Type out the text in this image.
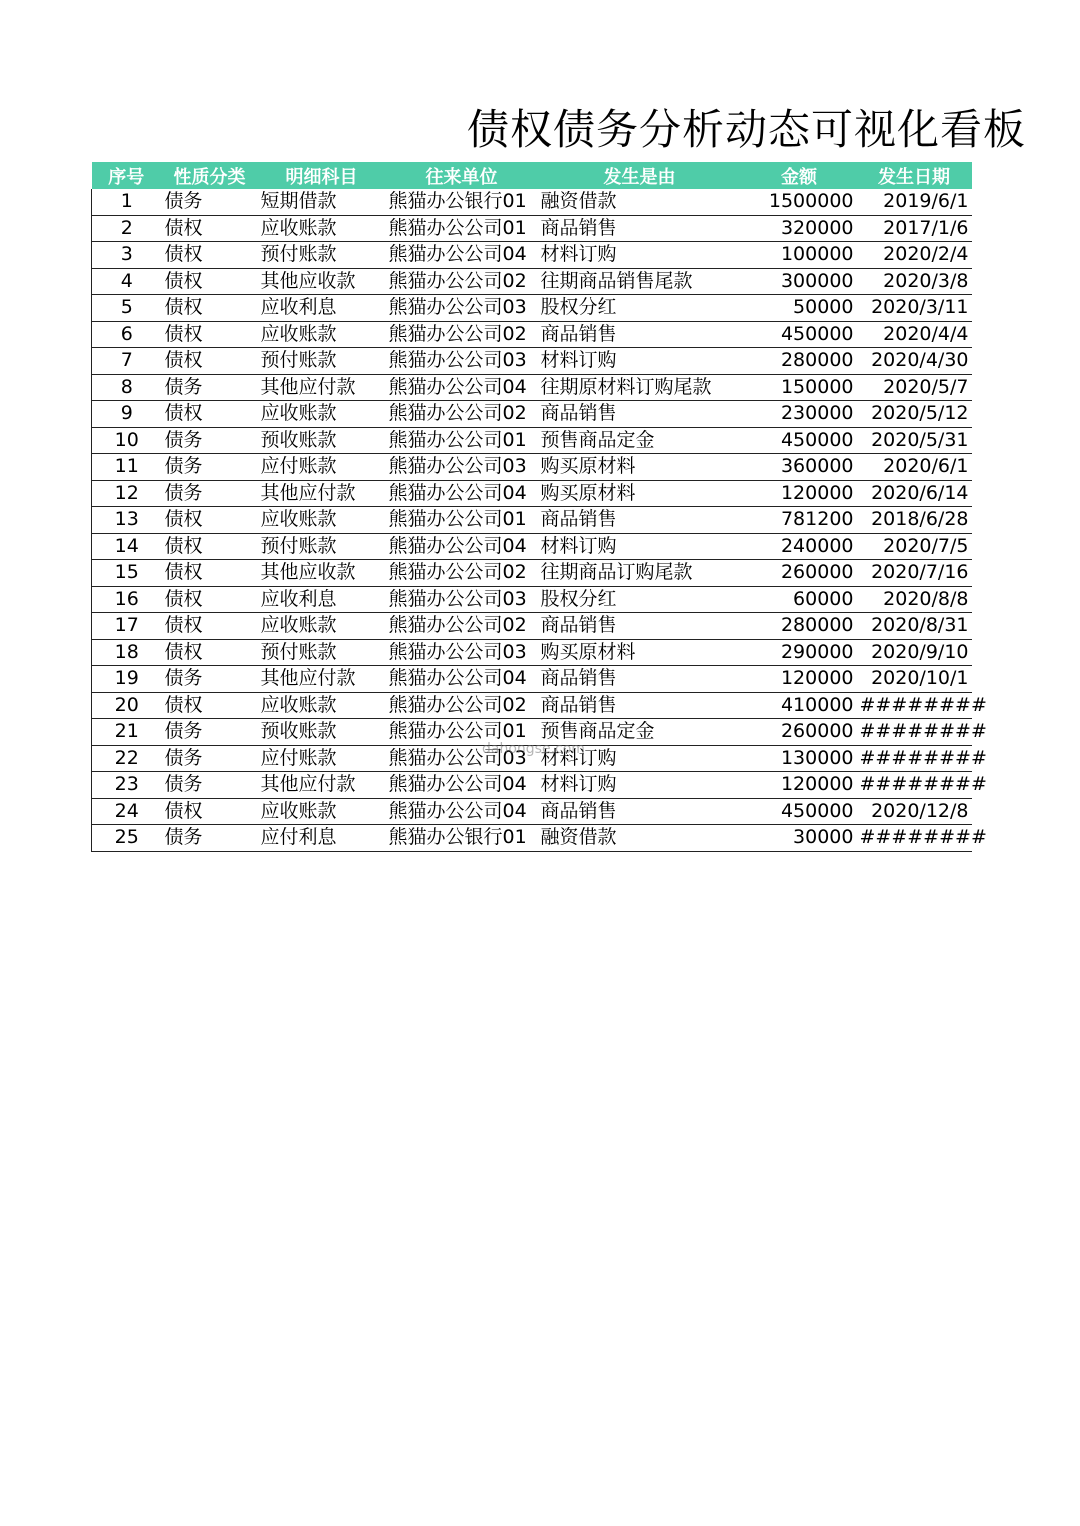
债权债务分析动态可视化看板
序号	性质分类	明细科目	往来单位	发生是由	金额	发生日期
1	债务	短期借款	熊猫办公银行01	融资借款	1500000	2019/6/1
2	债权	应收账款	熊猫办公公司01	商品销售	320000	2017/1/6
3	债权	预付账款	熊猫办公公司04	材料订购	100000	2020/2/4
4	债权	其他应收款	熊猫办公公司02	往期商品销售尾款	300000	2020/3/8
5	债权	应收利息	熊猫办公公司03	股权分红	50000	2020/3/11
6	债权	应收账款	熊猫办公公司02	商品销售	450000	2020/4/4
7	债权	预付账款	熊猫办公公司03	材料订购	280000	2020/4/30
8	债务	其他应付款	熊猫办公公司04	往期原材料订购尾款	150000	2020/5/7
9	债权	应收账款	熊猫办公公司02	商品销售	230000	2020/5/12
10	债务	预收账款	熊猫办公公司01	预售商品定金	450000	2020/5/31
11	债务	应付账款	熊猫办公公司03	购买原材料	360000	2020/6/1
12	债务	其他应付款	熊猫办公公司04	购买原材料	120000	2020/6/14
13	债权	应收账款	熊猫办公公司01	商品销售	781200	2018/6/28
14	债权	预付账款	熊猫办公公司04	材料订购	240000	2020/7/5
15	债权	其他应收款	熊猫办公公司02	往期商品订购尾款	260000	2020/7/16
16	债权	应收利息	熊猫办公公司03	股权分红	60000	2020/8/8
17	债权	应收账款	熊猫办公公司02	商品销售	280000	2020/8/31
18	债权	预付账款	熊猫办公公司03	购买原材料	290000	2020/9/10
19	债务	其他应付款	熊猫办公公司04	商品销售	120000	2020/10/1
20	债权	应收账款	熊猫办公公司02	商品销售	410000	########
21	债务	预收账款	熊猫办公公司01	预售商品定金	260000	########
22	债务	应付账款	熊猫办公公司03	材料订购	130000	########
23	债务	其他应付款	熊猫办公公司04	材料订购	120000	########
24	债权	应收账款	熊猫办公公司04	商品销售	450000	2020/12/8
25	债务	应付利息	熊猫办公银行01	融资借款	30000	########
dahongse.com
